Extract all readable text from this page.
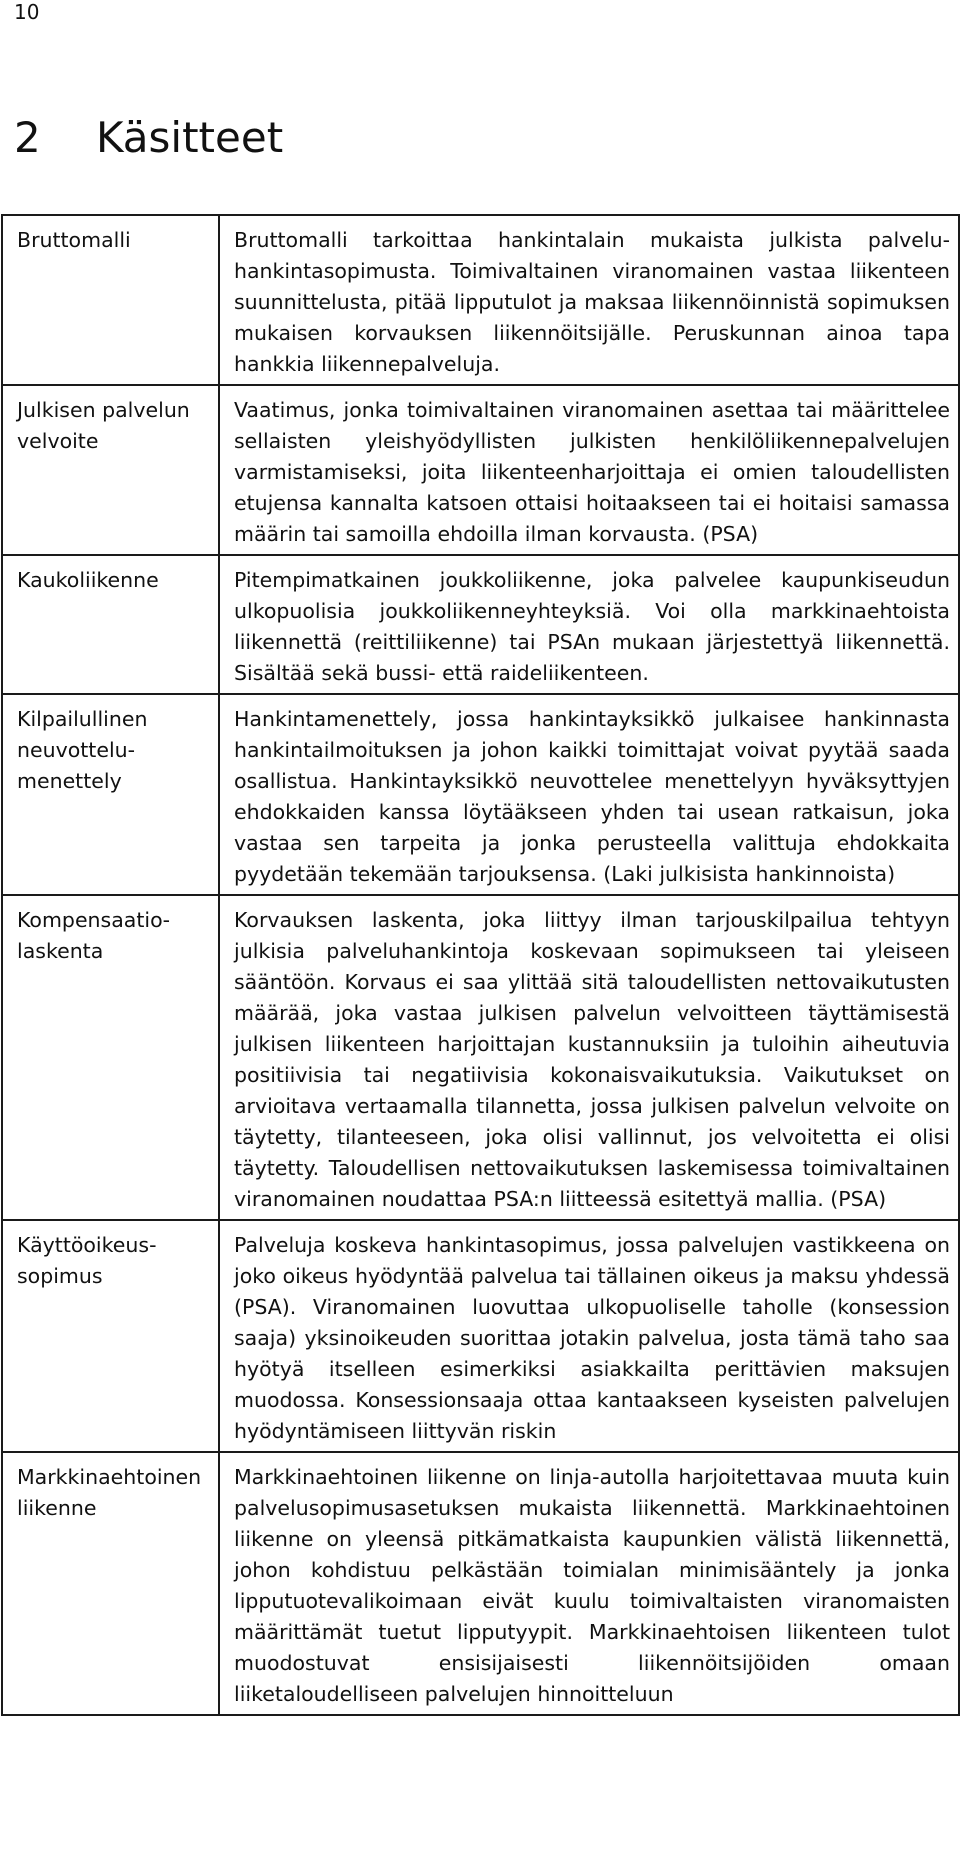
10
2 Käsitteet
Bruttomalli	Bruttomalli tarkoittaa hankintalain mukaista julkista palveluhankintasopimusta. Toimivaltainen viranomainen vastaa liikenteen suunnittelusta, pitää lipputulot ja maksaa liikennöinnistä sopimuksen mukaisen korvauksen liikennöitsijälle. Peruskunnan ainoa tapa hankkia liikennepalveluja.
Julkisen palvelun velvoite	Vaatimus, jonka toimivaltainen viranomainen asettaa tai määrittelee sellaisten yleishyödyllisten julkisten henkilöliikennepalvelujen varmistamiseksi, joita liikenteenharjoittaja ei omien taloudellisten etujensa kannalta katsoen ottaisi hoitaakseen tai ei hoitaisi samassa määrin tai samoilla ehdoilla ilman korvausta. (PSA)
Kaukoliikenne	Pitempimatkainen joukkoliikenne, joka palvelee kaupunkiseudun ulkopuolisia joukkoliikenneyhteyksiä. Voi olla markkinaehtoista liikennettä (reittiliikenne) tai PSAn mukaan järjestettyä liikennettä. Sisältää sekä bussi- että raideliikenteen.
Kilpailullinen neuvottelumenettely	Hankintamenettely, jossa hankintayksikkö julkaisee hankinnasta hankintailmoituksen ja johon kaikki toimittajat voivat pyytää saada osallistua. Hankintayksikkö neuvottelee menettelyyn hyväksyttyjen ehdokkaiden kanssa löytääkseen yhden tai usean ratkaisun, joka vastaa sen tarpeita ja jonka perusteella valittuja ehdokkaita pyydetään tekemään tarjouksensa. (Laki julkisista hankinnoista)
Kompensaatiolaskenta	Korvauksen laskenta, joka liittyy ilman tarjouskilpailua tehtyyn julkisia palveluhankintoja koskevaan sopimukseen tai yleiseen sääntöön. Korvaus ei saa ylittää sitä taloudellisten nettovaikutusten määrää, joka vastaa julkisen palvelun velvoitteen täyttämisestä julkisen liikenteen harjoittajan kustannuksiin ja tuloihin aiheutuvia positiivisia tai negatiivisia kokonaisvaikutuksia. Vaikutukset on arvioitava vertaamalla tilannetta, jossa julkisen palvelun velvoite on täytetty, tilanteeseen, joka olisi vallinnut, jos velvoitetta ei olisi täytetty. Taloudellisen nettovaikutuksen laskemisessa toimivaltainen viranomainen noudattaa PSA:n liitteessä esitettyä mallia. (PSA)
Käyttöoikeussopimus	Palveluja koskeva hankintasopimus, jossa palvelujen vastikkeena on joko oikeus hyödyntää palvelua tai tällainen oikeus ja maksu yhdessä (PSA). Viranomainen luovuttaa ulkopuoliselle taholle (konsession saaja) yksinoikeuden suorittaa jotakin palvelua, josta tämä taho saa hyötyä itselleen esimerkiksi asiakkailta perittävien maksujen muodossa. Konsessionsaaja ottaa kantaakseen kyseisten palvelujen hyödyntämiseen liittyvän riskin
Markkinaehtoinen liikenne	Markkinaehtoinen liikenne on linja-autolla harjoitettavaa muuta kuin palvelusopimusasetuksen mukaista liikennettä. Markkinaehtoinen liikenne on yleensä pitkämatkaista kaupunkien välistä liikennettä, johon kohdistuu pelkästään toimialan minimisääntely ja jonka lipputuotevalikoimaan eivät kuulu toimivaltaisten viranomaisten määrittämät tuetut lipputyypit. Markkinaehtoisen liikenteen tulot muodostuvat ensisijaisesti liikennöitsijöiden omaan liiketaloudelliseen palvelujen hinnoitteluun
